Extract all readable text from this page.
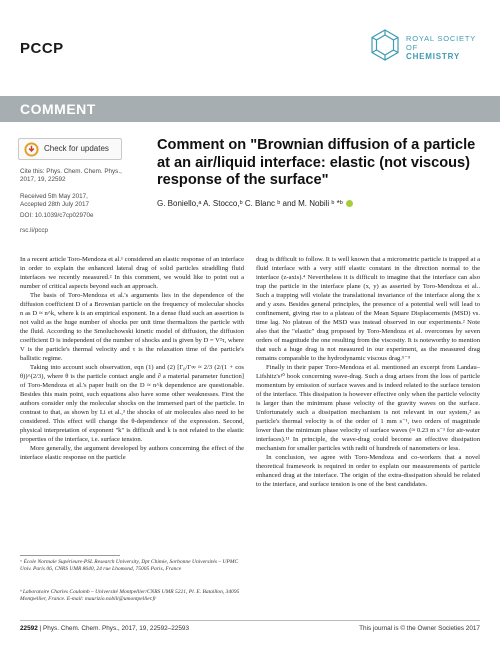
PCCP
ROYAL SOCIETY
OF
CHEMISTRY
COMMENT
Check for updates
Cite this: Phys. Chem. Chem. Phys.,
2017, 19, 22592
Received 5th May 2017,
Accepted 28th July 2017
DOI: 10.1039/c7cp02970e
rsc.li/pccp
Comment on "Brownian diffusion of a particle at an air/liquid interface: elastic (not viscous) response of the surface"
G. Boniello,ᵃ A. Stocco,ᵇ C. Blanc ᵇ and M. Nobili ᵇ *ᵇ

In a recent article Toro-Mendoza et al.¹ considered an elastic response of an interface in order to explain the enhanced lateral drag of solid particles straddling fluid interfaces we recently measured.² In this comment, we would like to point out a number of critical aspects beyond such an approach.

The basis of Toro-Mendoza et al.'s arguments lies in the dependence of the diffusion coefficient D of a Brownian particle on the frequency of molecular shocks n as D ≈ n^k, where k is an empirical exponent. In a dense fluid such an assertion is not valid as the huge number of shocks per unit time thermalizes the particle with the fluid. According to the Smoluchowski kinetic model of diffusion, the diffusion coefficient D is independent of the number of shocks and is given by D = V²τ, where V is the particle's thermal velocity and τ is the relaxation time of the particle's ballistic regime.

Taking into account such observation, eqn (1) and (2) [Γ₀/Γ∞ ≈ 2/3 (2/(1 + cos θ))^(2/3), where θ is the particle contact angle and ∂ a material parameter function] of Toro-Mendoza et al.'s paper built on the D ≈ n^k dependence are questionable. Besides this main point, such equations also have some other weaknesses. First the authors consider only the molecular shocks on the immersed part of the particle. In contrast to that, as shown by Li et al.,³ the shocks of air molecules also need to be considered. This effect will change the θ-dependence of the expression. Second, physical interpretation of exponent "k" is difficult and k is not related to the elastic properties of the interface, i.e. surface tension.

More generally, the argument developed by authors concerning the effect of the interface elastic response on the particle

drag is difficult to follow. It is well known that a micrometric particle is trapped at a fluid interface with a very stiff elastic constant in the direction normal to the interface (z-axis).⁴ Nevertheless it is difficult to imagine that the interface can also trap the particle in the interface plane (x, y) as asserted by Toro-Mendoza et al.. Such a trapping will violate the translational invariance of the interface along the x and y axes. Besides general principles, the presence of a potential well will lead to confinement, giving rise to a plateau of the Mean Square Displacements (MSD) vs. time lag. No plateau of the MSD was instead observed in our experiments.² Note also that the "elastic" drag proposed by Toro-Mendoza et al. overcomes by seven orders of magnitude the one resulting from the viscosity. It is noteworthy to mention that such a huge drag is not measured in our experiment, as the measured drag remains comparable to the hydrodynamic viscous drag.⁵⁻⁹

Finally in their paper Toro-Mendoza et al. mentioned an excerpt from Landau–Lifshitz's¹⁰ book concerning wave-drag. Such a drag arises from the loss of particle momentum by emission of surface waves and is indeed related to the surface tension of the interface. This dissipation is however effective only when the particle velocity is larger than the minimum phase velocity of the gravity waves on the surface. Unfortunately such a dissipation mechanism is not relevant in our system,² as particle's thermal velocity is of the order of 1 mm s⁻¹, two orders of magnitude lower than the minimum phase velocity of surface waves (≈ 0.23 m s⁻¹ for air-water interfaces).¹¹ In principle, the wave-drag could become an effective dissipation mechanism for smaller particles with radii of hundreds of nanometers or less.

In conclusion, we agree with Toro-Mendoza and co-workers that a novel theoretical framework is required in order to explain our measurements of particle enhanced drag at the interface. The origin of the extra-dissipation should be related to the interface, and surface tension is one of the best candidates.

ᵃ École Normale Supérieure-PSL Research University, Dpt Chimie, Sorbonne Universités – UPMC Univ. Paris 06, CNRS UMR 8640, 24 rue Lhomond, 75005 Paris, France
ᵇ Laboratoire Charles Coulomb – Université Montpellier/CNRS UMR 5221, Pl. E. Bataillon, 34095 Montpellier, France. E-mail: maurizio.nobili@umontpellier.fr
22592 | Phys. Chem. Chem. Phys., 2017, 19, 22592–22593	This journal is © the Owner Societies 2017
